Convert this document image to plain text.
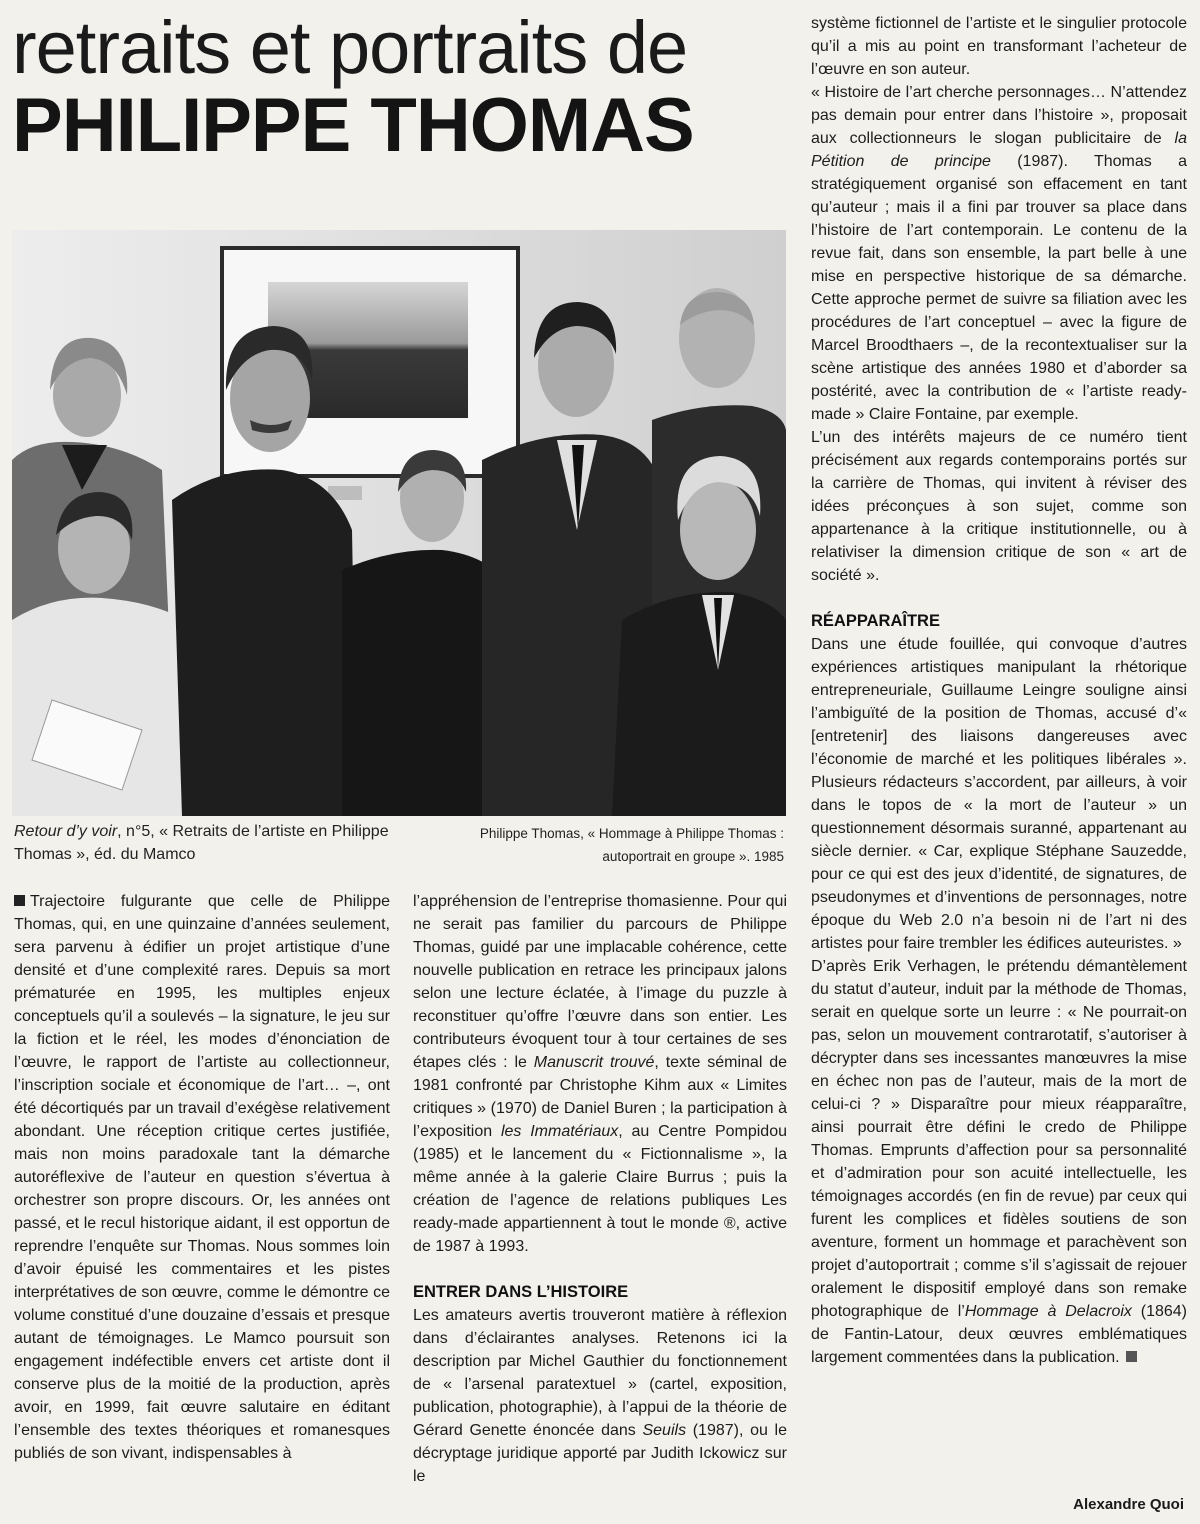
retraits et portraits de
PHILIPPE THOMAS
Retour d’y voir, n°5, « Retraits de l’artiste en Philippe Thomas », éd. du Mamco
Philippe Thomas, « Hommage à Philippe Thomas :
autoportrait en groupe ». 1985

Trajectoire fulgurante que celle de Philippe Thomas, qui, en une quinzaine d’années seulement, sera parvenu à édifier un projet artistique d’une densité et d’une complexité rares. Depuis sa mort prématurée en 1995, les multiples enjeux conceptuels qu’il a soulevés – la signature, le jeu sur la fiction et le réel, les modes d’énonciation de l’œuvre, le rapport de l’artiste au collectionneur, l’inscription sociale et économique de l’art… –, ont été décortiqués par un travail d’exégèse relativement abondant. Une réception critique certes justifiée, mais non moins paradoxale tant la démarche autoréflexive de l’auteur en question s’évertua à orchestrer son propre discours. Or, les années ont passé, et le recul historique aidant, il est opportun de reprendre l’enquête sur Thomas. Nous sommes loin d’avoir épuisé les commentaires et les pistes interprétatives de son œuvre, comme le démontre ce volume constitué d’une douzaine d’essais et presque autant de témoignages. Le Mamco poursuit son engagement indéfectible envers cet artiste dont il conserve plus de la moitié de la production, après avoir, en 1999, fait œuvre salutaire en éditant l’ensemble des textes théoriques et romanesques publiés de son vivant, indispensables à

l’appréhension de l’entreprise thomasienne. Pour qui ne serait pas familier du parcours de Philippe Thomas, guidé par une implacable cohérence, cette nouvelle publication en retrace les principaux jalons selon une lecture éclatée, à l’image du puzzle à reconstituer qu’offre l’œuvre dans son entier. Les contributeurs évoquent tour à tour certaines de ses étapes clés : le Manuscrit trouvé, texte séminal de 1981 confronté par Christophe Kihm aux « Limites critiques » (1970) de Daniel Buren ; la participation à l’exposition les Immatériaux, au Centre Pompidou (1985) et le lancement du « Fictionnalisme », la même année à la galerie Claire Burrus ; puis la création de l’agence de relations publiques Les ready-made appartiennent à tout le monde ®, active de 1987 à 1993.

ENTRER DANS L’HISTOIRE

Les amateurs avertis trouveront matière à réflexion dans d’éclairantes analyses. Retenons ici la description par Michel Gauthier du fonctionnement de « l’arsenal paratextuel » (cartel, exposition, publication, photographie), à l’appui de la théorie de Gérard Genette énoncée dans Seuils (1987), ou le décryptage juridique apporté par Judith Ickowicz sur le

système fictionnel de l’artiste et le singulier protocole qu’il a mis au point en transformant l’acheteur de l’œuvre en son auteur.

« Histoire de l’art cherche personnages… N’attendez pas demain pour entrer dans l’histoire », proposait aux collectionneurs le slogan publicitaire de la Pétition de principe (1987). Thomas a stratégiquement organisé son effacement en tant qu’auteur ; mais il a fini par trouver sa place dans l’histoire de l’art contemporain. Le contenu de la revue fait, dans son ensemble, la part belle à une mise en perspective historique de sa démarche. Cette approche permet de suivre sa filiation avec les procédures de l’art conceptuel – avec la figure de Marcel Broodthaers –, de la recontextualiser sur la scène artistique des années 1980 et d’aborder sa postérité, avec la contribution de « l’artiste ready-made » Claire Fontaine, par exemple.

L’un des intérêts majeurs de ce numéro tient précisément aux regards contemporains portés sur la carrière de Thomas, qui invitent à réviser des idées préconçues à son sujet, comme son appartenance à la critique institutionnelle, ou à relativiser la dimension critique de son « art de société ».

RÉAPPARAÎTRE

Dans une étude fouillée, qui convoque d’autres expériences artistiques manipulant la rhétorique entrepreneuriale, Guillaume Leingre souligne ainsi l’ambiguïté de la position de Thomas, accusé d’« [entretenir] des liaisons dangereuses avec l’économie de marché et les politiques libérales ». Plusieurs rédacteurs s’accordent, par ailleurs, à voir dans le topos de « la mort de l’auteur » un questionnement désormais suranné, appartenant au siècle dernier. « Car, explique Stéphane Sauzedde, pour ce qui est des jeux d’identité, de signatures, de pseudonymes et d’inventions de personnages, notre époque du Web 2.0 n’a besoin ni de l’art ni des artistes pour faire trembler les édifices auteuristes. »

D’après Erik Verhagen, le prétendu démantèlement du statut d’auteur, induit par la méthode de Thomas, serait en quelque sorte un leurre : « Ne pourrait-on pas, selon un mouvement contrarotatif, s’autoriser à décrypter dans ses incessantes manœuvres la mise en échec non pas de l’auteur, mais de la mort de celui-ci ? » Disparaître pour mieux réapparaître, ainsi pourrait être défini le credo de Philippe Thomas. Emprunts d’affection pour sa personnalité et d’admiration pour son acuité intellectuelle, les témoignages accordés (en fin de revue) par ceux qui furent les complices et fidèles soutiens de son aventure, forment un hommage et parachèvent son projet d’autoportrait ; comme s’il s’agissait de rejouer oralement le dispositif employé dans son remake photographique de l’Hommage à Delacroix (1864) de Fantin-Latour, deux œuvres emblématiques largement commentées dans la publication.

Alexandre Quoi
